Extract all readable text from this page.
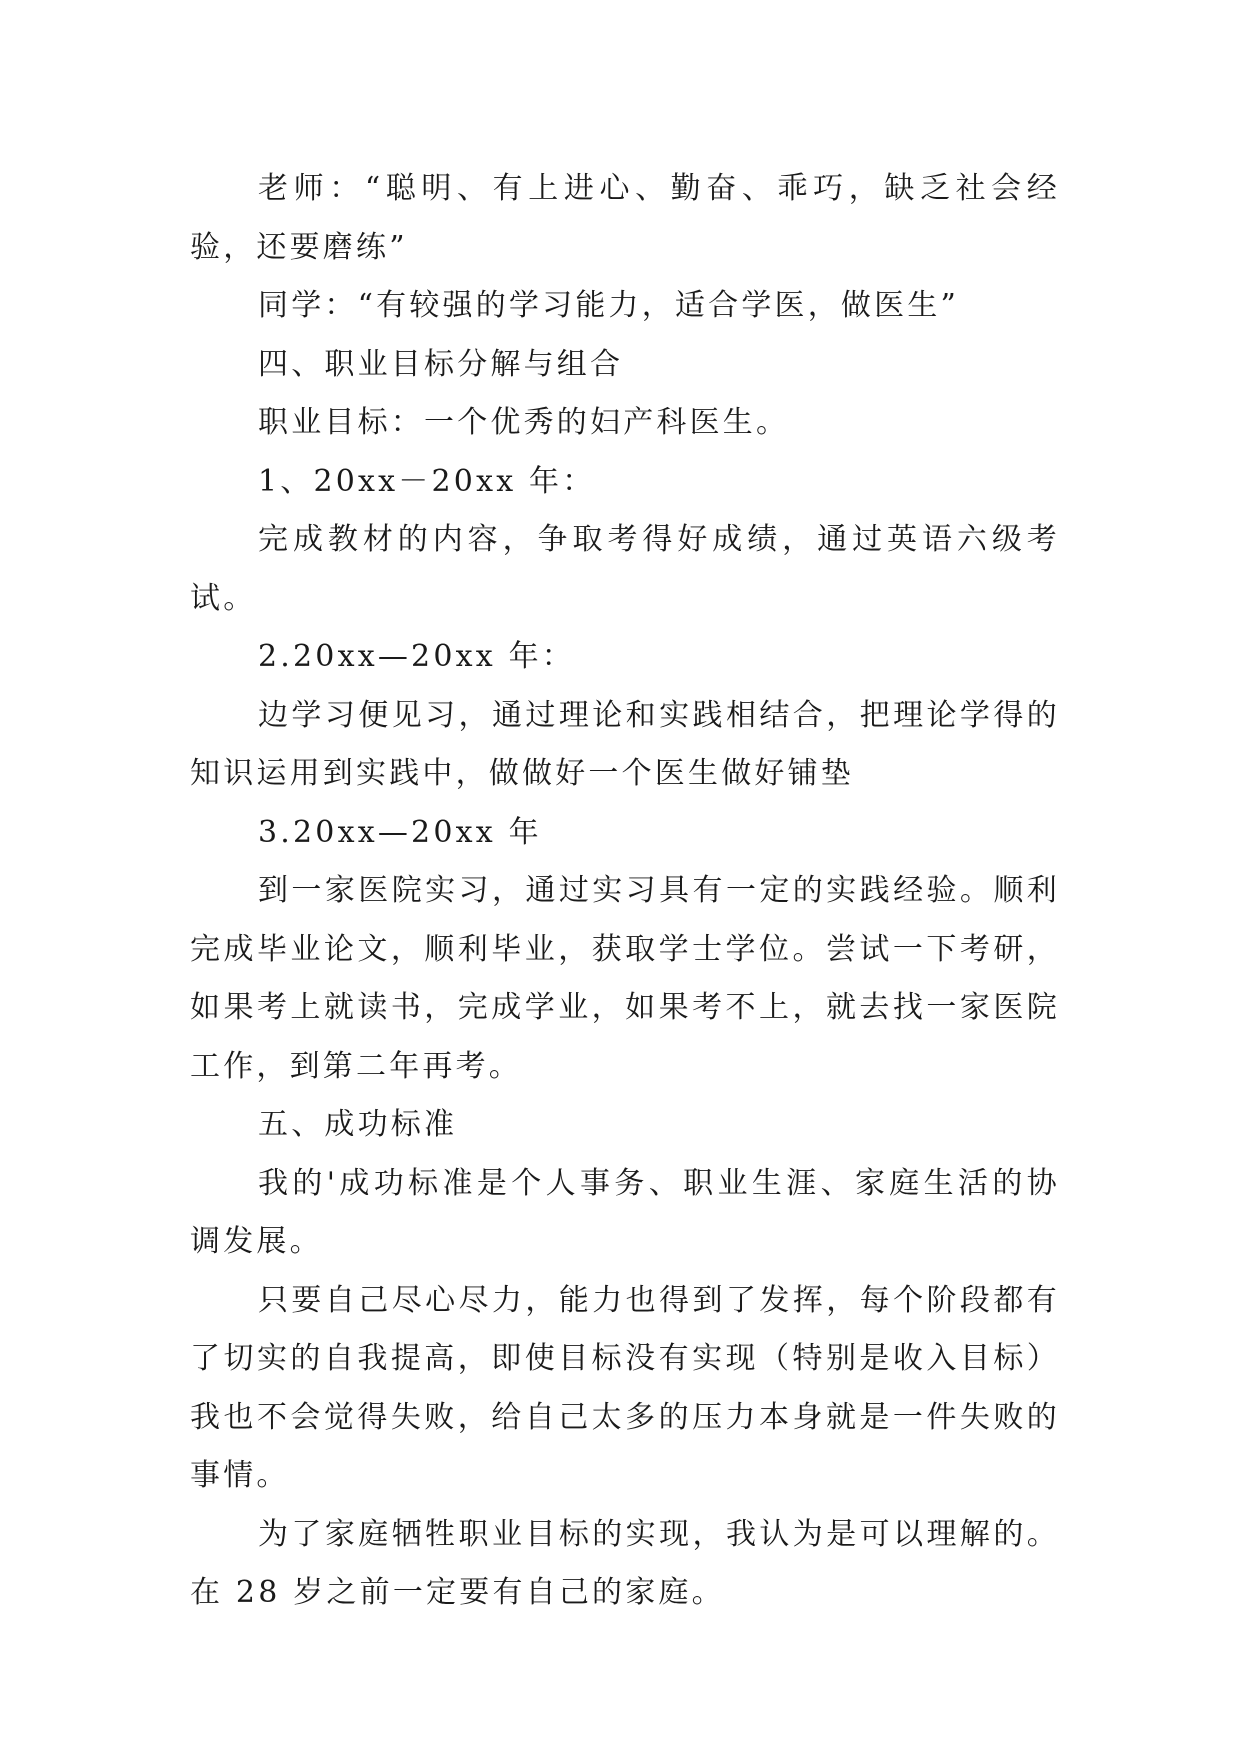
老师：“聪明、有上进心、勤奋、乖巧，缺乏社会经验，还要磨练”

同学：“有较强的学习能力，适合学医，做医生”

四、职业目标分解与组合

职业目标：一个优秀的妇产科医生。

1、20xx－20xx 年：

完成教材的内容，争取考得好成绩，通过英语六级考试。

2.20xx—20xx 年：

边学习便见习，通过理论和实践相结合，把理论学得的知识运用到实践中，做做好一个医生做好铺垫

3.20xx—20xx 年

到一家医院实习，通过实习具有一定的实践经验。顺利完成毕业论文，顺利毕业，获取学士学位。尝试一下考研，如果考上就读书，完成学业，如果考不上，就去找一家医院工作，到第二年再考。

五、成功标准

我的'成功标准是个人事务、职业生涯、家庭生活的协调发展。

只要自己尽心尽力，能力也得到了发挥，每个阶段都有了切实的自我提高，即使目标没有实现（特别是收入目标）我也不会觉得失败，给自己太多的压力本身就是一件失败的事情。

为了家庭牺牲职业目标的实现，我认为是可以理解的。在 28 岁之前一定要有自己的家庭。
